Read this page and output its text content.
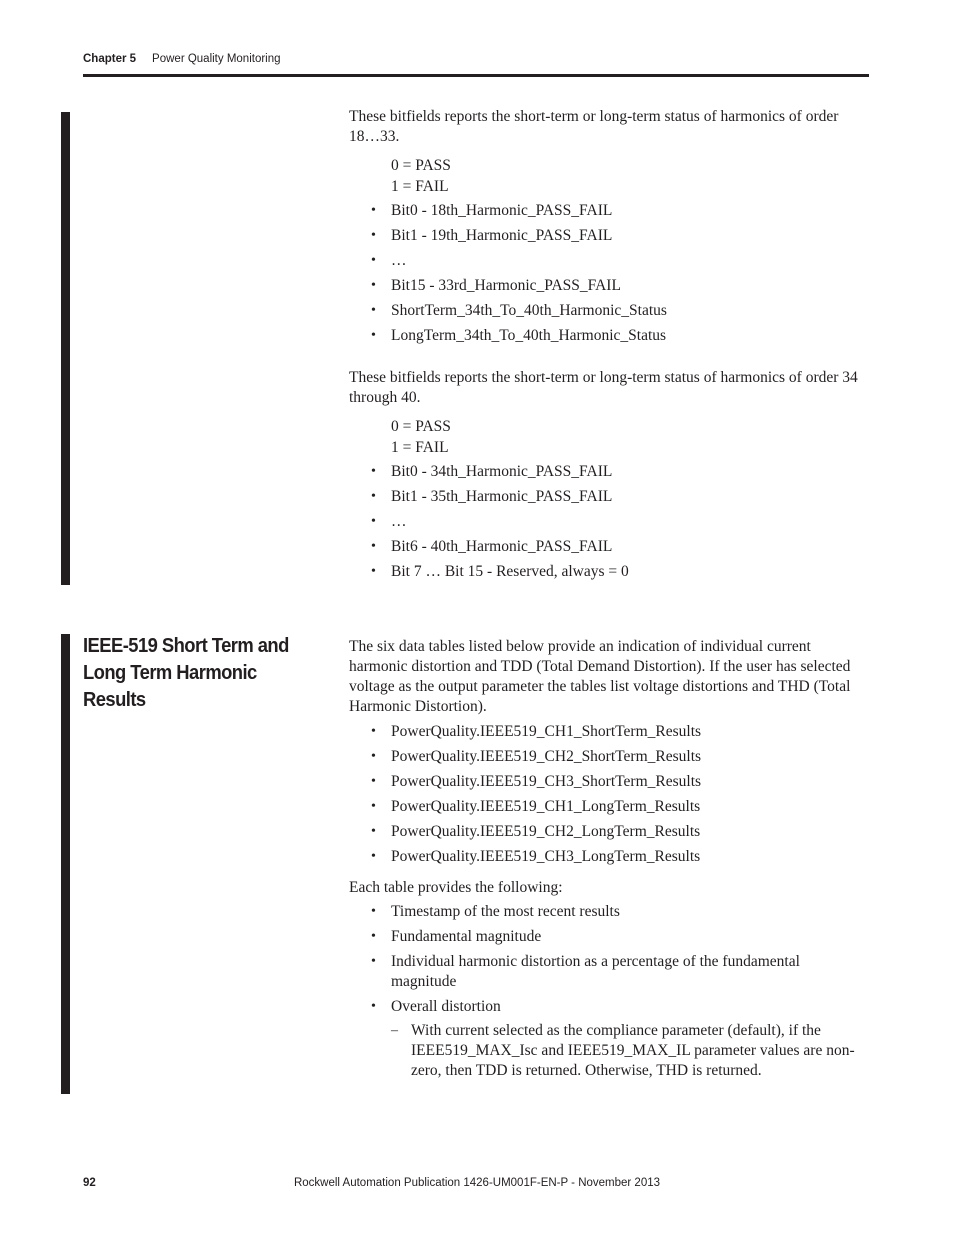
Chapter 5 Power Quality Monitoring

These bitfields reports the short-term or long-term status of harmonics of order 18…33.

0 = PASS
1 = FAIL
• Bit0 - 18th_Harmonic_PASS_FAIL
• Bit1 - 19th_Harmonic_PASS_FAIL
• …
• Bit15 - 33rd_Harmonic_PASS_FAIL
• ShortTerm_34th_To_40th_Harmonic_Status
• LongTerm_34th_To_40th_Harmonic_Status

These bitfields reports the short-term or long-term status of harmonics of order 34 through 40.

0 = PASS
1 = FAIL
• Bit0 - 34th_Harmonic_PASS_FAIL
• Bit1 - 35th_Harmonic_PASS_FAIL
• …
• Bit6 - 40th_Harmonic_PASS_FAIL
• Bit 7 … Bit 15 - Reserved, always = 0
IEEE-519 Short Term and Long Term Harmonic Results

The six data tables listed below provide an indication of individual current harmonic distortion and TDD (Total Demand Distortion). If the user has selected voltage as the output parameter the tables list voltage distortions and THD (Total Harmonic Distortion).

• PowerQuality.IEEE519_CH1_ShortTerm_Results
• PowerQuality.IEEE519_CH2_ShortTerm_Results
• PowerQuality.IEEE519_CH3_ShortTerm_Results
• PowerQuality.IEEE519_CH1_LongTerm_Results
• PowerQuality.IEEE519_CH2_LongTerm_Results
• PowerQuality.IEEE519_CH3_LongTerm_Results

Each table provides the following:

• Timestamp of the most recent results
• Fundamental magnitude
• Individual harmonic distortion as a percentage of the fundamental magnitude
• Overall distortion
– With current selected as the compliance parameter (default), if the IEEE519_MAX_Isc and IEEE519_MAX_IL parameter values are non-zero, then TDD is returned. Otherwise, THD is returned.
92	Rockwell Automation Publication 1426-UM001F-EN-P - November 2013
